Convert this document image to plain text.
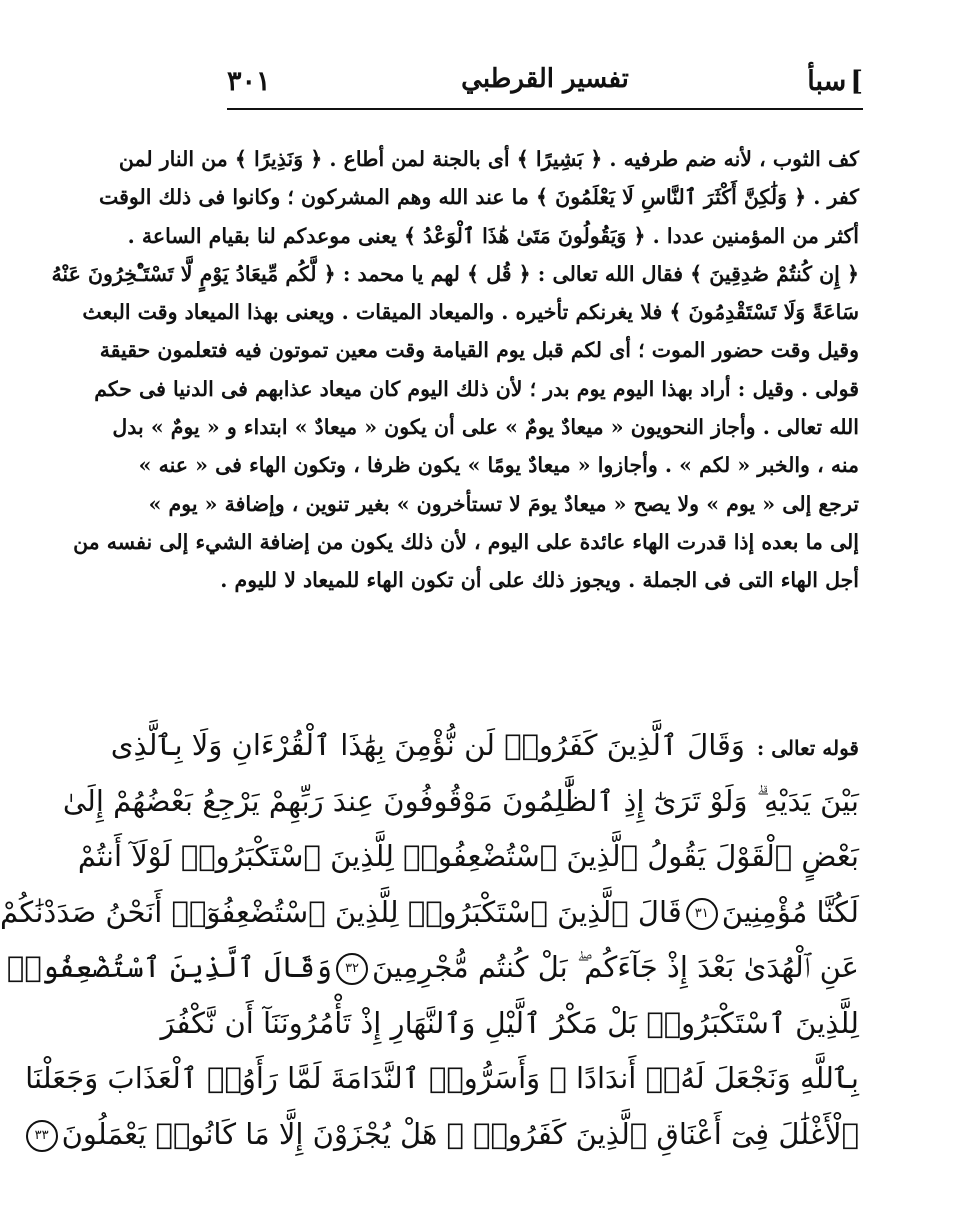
]سبأ
تفسير القرطبي
٣٠١
كف الثوب ، لأنه ضم طرفيه . ﴿ بَشِيرًا ﴾ أى بالجنة لمن أطاع . ﴿ وَنَذِيرًا ﴾ من النار لمن
كفر . ﴿ وَلَٰكِنَّ أَكْثَرَ ٱلنَّاسِ لَا يَعْلَمُونَ ﴾ ما عند الله وهم المشركون ؛ وكانوا فى ذلك الوقت
أكثر من المؤمنين عددا . ﴿ وَيَقُولُونَ مَتَىٰ هَٰذَا ٱلْوَعْدُ ﴾ يعنى موعدكم لنا بقيام الساعة .
﴿ إِن كُنتُمْ صَٰدِقِينَ ﴾ فقال الله تعالى : ﴿ قُل ﴾ لهم يا محمد : ﴿ لَّكُم مِّيعَادُ يَوْمٍ لَّا تَسْتَـْٔخِرُونَ عَنْهُ
سَاعَةً وَلَا تَسْتَقْدِمُونَ ﴾ فلا يغرنكم تأخيره . والميعاد الميقات . ويعنى بهذا الميعاد وقت البعث
وقيل وقت حضور الموت ؛ أى لكم قبل يوم القيامة وقت معين تموتون فيه فتعلمون حقيقة
قولى . وقيل : أراد بهذا اليوم يوم بدر ؛ لأن ذلك اليوم كان ميعاد عذابهم فى الدنيا فى حكم
الله تعالى . وأجاز النحويون « ميعادٌ يومٌ » على أن يكون « ميعادٌ » ابتداء و « يومٌ » بدل
منه ، والخبر « لكم » . وأجازوا « ميعادٌ يومًا » يكون ظرفا ، وتكون الهاء فى « عنه »
ترجع إلى « يوم » ولا يصح « ميعادٌ يومَ لا تستأخرون » بغير تنوين ، وإضافة « يوم »
إلى ما بعده إذا قدرت الهاء عائدة على اليوم ، لأن ذلك يكون من إضافة الشيء إلى نفسه من
أجل الهاء التى فى الجملة . ويجوز ذلك على أن تكون الهاء للميعاد لا لليوم .
قوله تعالى :وَقَالَ ٱلَّذِينَ كَفَرُوا۟ لَن نُّؤْمِنَ بِهَٰذَا ٱلْقُرْءَانِ وَلَا بِٱلَّذِى
بَيْنَ يَدَيْهِ ۗ وَلَوْ تَرَىٰٓ إِذِ ٱلظَّٰلِمُونَ مَوْقُوفُونَ عِندَ رَبِّهِمْ يَرْجِعُ بَعْضُهُمْ إِلَىٰ
بَعْضٍ ٱلْقَوْلَ يَقُولُ ٱلَّذِينَ ٱسْتُضْعِفُوا۟ لِلَّذِينَ ٱسْتَكْبَرُوا۟ لَوْلَآ أَنتُمْ
لَكُنَّا مُؤْمِنِينَ٣١قَالَ ٱلَّذِينَ ٱسْتَكْبَرُوا۟ لِلَّذِينَ ٱسْتُضْعِفُوٓا۟ أَنَحْنُ صَدَدْنَٰكُمْ
عَنِ ٱلْهُدَىٰ بَعْدَ إِذْ جَآءَكُم ۖ بَلْ كُنتُم مُّجْرِمِينَ٣٢وَقَالَ ٱلَّذِينَ ٱسْتُضْعِفُوا۟
لِلَّذِينَ ٱسْتَكْبَرُوا۟ بَلْ مَكْرُ ٱلَّيْلِ وَٱلنَّهَارِ إِذْ تَأْمُرُونَنَآ أَن نَّكْفُرَ
بِٱللَّهِ وَنَجْعَلَ لَهُۥٓ أَندَادًا ۚ وَأَسَرُّوا۟ ٱلنَّدَامَةَ لَمَّا رَأَوُا۟ ٱلْعَذَابَ وَجَعَلْنَا
ٱلْأَغْلَٰلَ فِىٓ أَعْنَاقِ ٱلَّذِينَ كَفَرُوا۟ ۚ هَلْ يُجْزَوْنَ إِلَّا مَا كَانُوا۟ يَعْمَلُونَ٣٣
